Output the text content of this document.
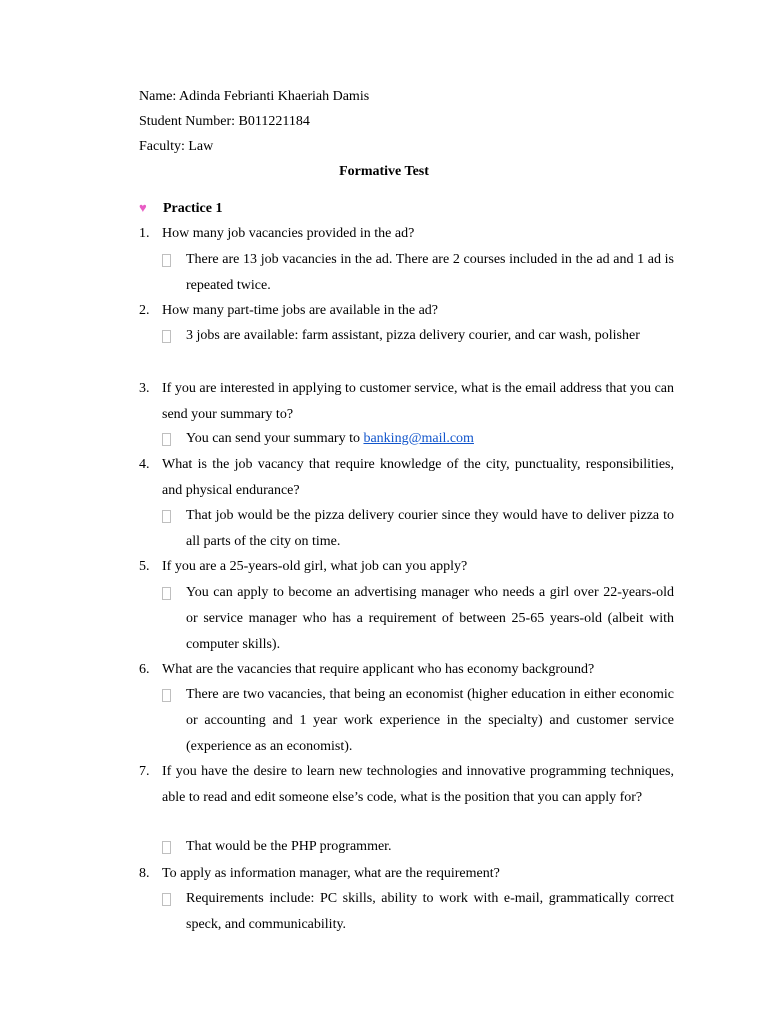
Name: Adinda Febrianti Khaeriah Damis
Student Number: B011221184
Faculty: Law
Formative Test
♥ Practice 1
1. How many job vacancies provided in the ad?
There are 13 job vacancies in the ad. There are 2 courses included in the ad and 1 ad is repeated twice.
2. How many part-time jobs are available in the ad?
3 jobs are available: farm assistant, pizza delivery courier, and car wash, polisher
3. If you are interested in applying to customer service, what is the email address that you can send your summary to?
You can send your summary to banking@mail.com
4. What is the job vacancy that require knowledge of the city, punctuality, responsibilities, and physical endurance?
That job would be the pizza delivery courier since they would have to deliver pizza to all parts of the city on time.
5. If you are a 25-years-old girl, what job can you apply?
You can apply to become an advertising manager who needs a girl over 22-years-old or service manager who has a requirement of between 25-65 years-old (albeit with computer skills).
6. What are the vacancies that require applicant who has economy background?
There are two vacancies, that being an economist (higher education in either economic or accounting and 1 year work experience in the specialty) and customer service (experience as an economist).
7. If you have the desire to learn new technologies and innovative programming techniques, able to read and edit someone else’s code, what is the position that you can apply for?
That would be the PHP programmer.
8. To apply as information manager, what are the requirement?
Requirements include: PC skills, ability to work with e-mail, grammatically correct speck, and communicability.
